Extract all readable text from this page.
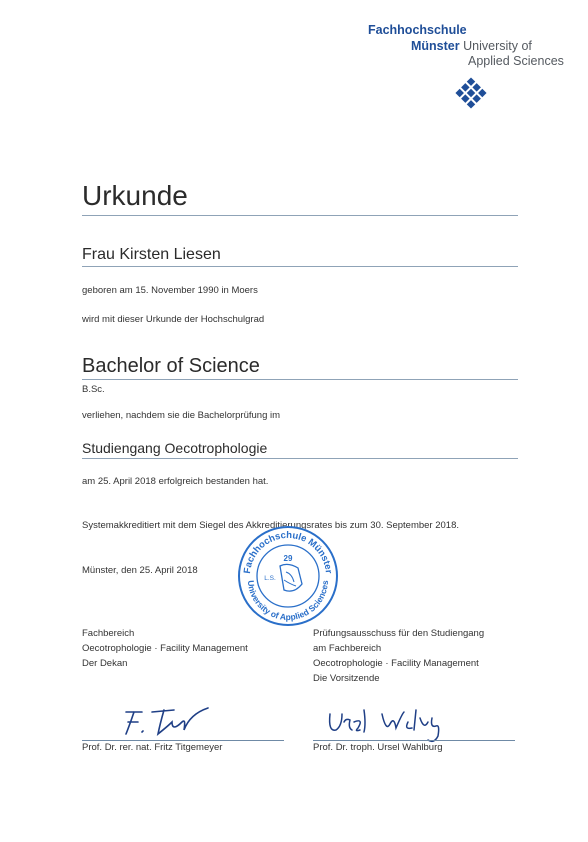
Fachhochschule
Münster University of
Applied Sciences
Urkunde
Frau Kirsten Liesen
geboren am 15. November 1990 in Moers
wird mit dieser Urkunde der Hochschulgrad
Bachelor of Science
B.Sc.
verliehen, nachdem sie die Bachelorprüfung im
Studiengang Oecotrophologie
am 25. April 2018 erfolgreich bestanden hat.
Systemakkreditiert mit dem Siegel des Akkreditierungsrates bis zum 30. September 2018.
Münster, den 25. April 2018	Fachhochschule Münster
University of Applied Sciences
29
L.S.
Fachbereich
Oecotrophologie · Facility Management
Der Dekan
Prüfungsausschuss für den Studiengang
am Fachbereich
Oecotrophologie · Facility Management
Die Vorsitzende
Prof. Dr. rer. nat. Fritz Titgemeyer	Prof. Dr. troph. Ursel Wahlburg
